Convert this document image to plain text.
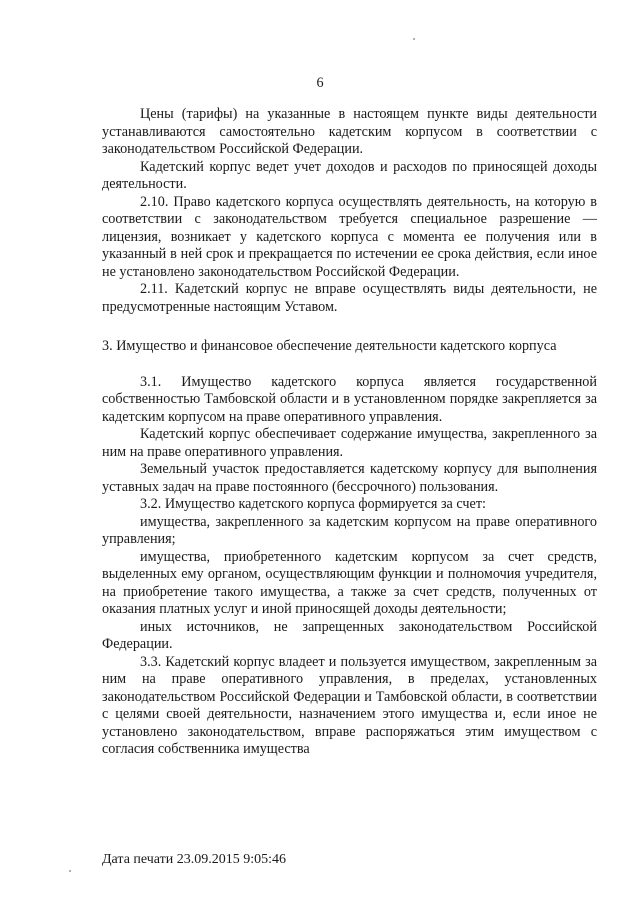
6

Цены (тарифы) на указанные в настоящем пункте виды деятельности устанавливаются самостоятельно кадетским корпусом в соответствии с законодательством Российской Федерации.

Кадетский корпус ведет учет доходов и расходов по приносящей доходы деятельности.

2.10. Право кадетского корпуса осуществлять деятельность, на которую в соответствии с законодательством требуется специальное разрешение — лицензия, возникает у кадетского корпуса с момента ее получения или в указанный в ней срок и прекращается по истечении ее срока действия, если иное не установлено законодательством Российской Федерации.

2.11. Кадетский корпус не вправе осуществлять виды деятельности, не предусмотренные настоящим Уставом.

3. Имущество и финансовое обеспечение деятельности кадетского корпуса

3.1. Имущество кадетского корпуса является государственной собственностью Тамбовской области и в установленном порядке закрепляется за кадетским корпусом на праве оперативного управления.

Кадетский корпус обеспечивает содержание имущества, закрепленного за ним на праве оперативного управления.

Земельный участок предоставляется кадетскому корпусу для выполнения уставных задач на праве постоянного (бессрочного) пользования.

3.2. Имущество кадетского корпуса формируется за счет:

имущества, закрепленного за кадетским корпусом на праве оперативного управления;

имущества, приобретенного кадетским корпусом за счет средств, выделенных ему органом, осуществляющим функции и полномочия учредителя, на приобретение такого имущества, а также за счет средств, полученных от оказания платных услуг и иной приносящей доходы деятельности;

иных источников, не запрещенных законодательством Российской Федерации.

3.3. Кадетский корпус владеет и пользуется имуществом, закрепленным за ним на праве оперативного управления, в пределах, установленных законодательством Российской Федерации и Тамбовской области, в соответствии с целями своей деятельности, назначением этого имущества и, если иное не установлено законодательством, вправе распоряжаться этим имуществом с согласия собственника имущества

Дата печати 23.09.2015 9:05:46
